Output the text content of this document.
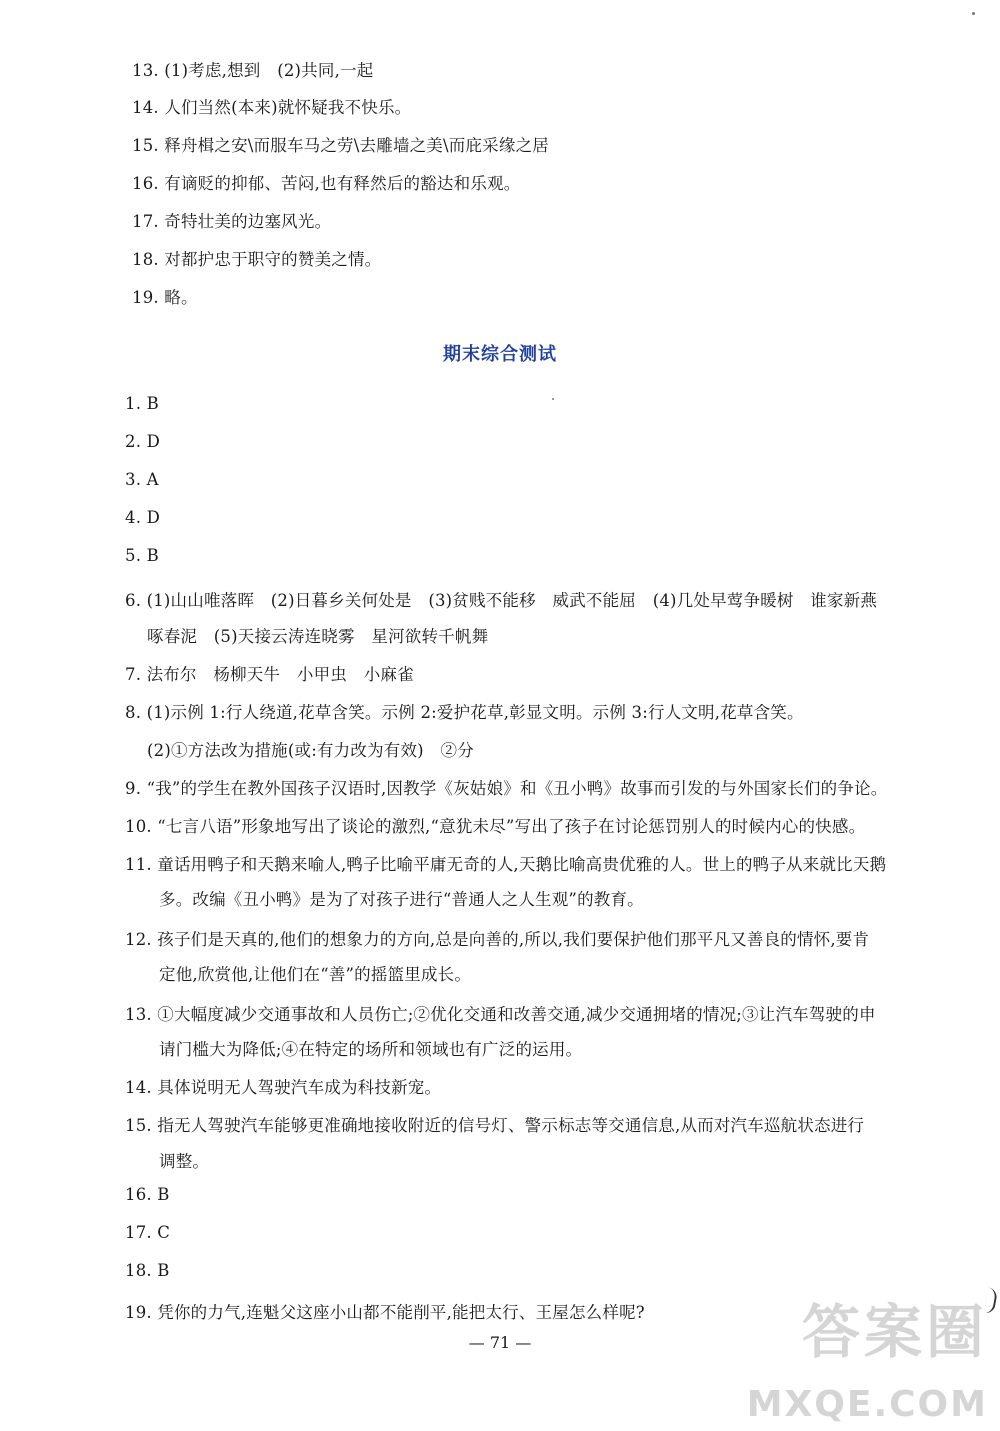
13. (1)考虑,想到　(2)共同,一起
14. 人们当然(本来)就怀疑我不快乐。
15. 释舟楫之安\而服车马之劳\去雕墙之美\而庇采缘之居
16. 有谪贬的抑郁、苦闷,也有释然后的豁达和乐观。
17. 奇特壮美的边塞风光。
18. 对都护忠于职守的赞美之情。
19. 略。
期末综合测试
1. B
2. D
3. A
4. D
5. B
6. (1)山山唯落晖　(2)日暮乡关何处是　(3)贫贱不能移　威武不能屈　(4)几处早莺争暖树　谁家新燕
啄春泥　(5)天接云涛连晓雾　星河欲转千帆舞
7. 法布尔　杨柳天牛　小甲虫　小麻雀
8. (1)示例 1:行人绕道,花草含笑。示例 2:爱护花草,彰显文明。示例 3:行人文明,花草含笑。
(2)①方法改为措施(或:有力改为有效)　②分
9. “我”的学生在教外国孩子汉语时,因教学《灰姑娘》和《丑小鸭》故事而引发的与外国家长们的争论。
10. “七言八语”形象地写出了谈论的激烈,“意犹未尽”写出了孩子在讨论惩罚别人的时候内心的快感。
11. 童话用鸭子和天鹅来喻人,鸭子比喻平庸无奇的人,天鹅比喻高贵优雅的人。世上的鸭子从来就比天鹅
多。改编《丑小鸭》是为了对孩子进行“普通人之人生观”的教育。
12. 孩子们是天真的,他们的想象力的方向,总是向善的,所以,我们要保护他们那平凡又善良的情怀,要肯
定他,欣赏他,让他们在“善”的摇篮里成长。
13. ①大幅度减少交通事故和人员伤亡;②优化交通和改善交通,减少交通拥堵的情况;③让汽车驾驶的申
请门槛大为降低;④在特定的场所和领域也有广泛的运用。
14. 具体说明无人驾驶汽车成为科技新宠。
15. 指无人驾驶汽车能够更准确地接收附近的信号灯、警示标志等交通信息,从而对汽车巡航状态进行
调整。
16. B
17. C
18. B
19. 凭你的力气,连魁父这座小山都不能削平,能把太行、王屋怎么样呢?
— 71 —	答案圈
MXQE.COM
